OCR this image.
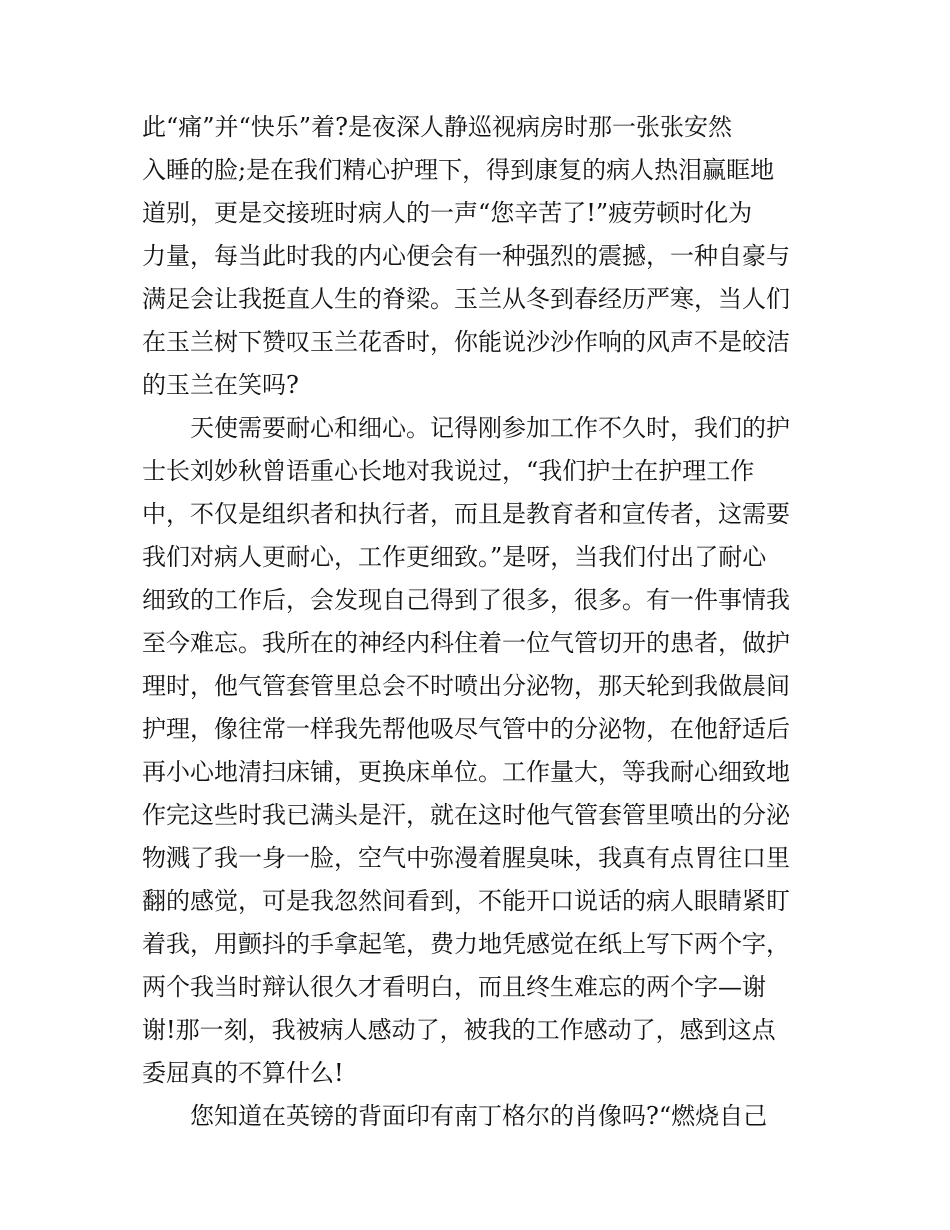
此“痛”并“快乐”着?是夜深人静巡视病房时那一张张安然
入睡的脸;是在我们精心护理下，得到康复的病人热泪赢眶地
道别，更是交接班时病人的一声“您辛苦了!”疲劳顿时化为
力量，每当此时我的内心便会有一种强烈的震撼，一种自豪与
满足会让我挺直人生的脊梁。玉兰从冬到春经历严寒，当人们
在玉兰树下赞叹玉兰花香时，你能说沙沙作响的风声不是皎洁
的玉兰在笑吗?
天使需要耐心和细心。记得刚参加工作不久时，我们的护
士长刘妙秋曾语重心长地对我说过，“我们护士在护理工作
中，不仅是组织者和执行者，而且是教育者和宣传者，这需要
我们对病人更耐心，工作更细致。”是呀，当我们付出了耐心
细致的工作后，会发现自己得到了很多，很多。有一件事情我
至今难忘。我所在的神经内科住着一位气管切开的患者，做护
理时，他气管套管里总会不时喷出分泌物，那天轮到我做晨间
护理，像往常一样我先帮他吸尽气管中的分泌物，在他舒适后
再小心地清扫床铺，更换床单位。工作量大，等我耐心细致地
作完这些时我已满头是汗，就在这时他气管套管里喷出的分泌
物溅了我一身一脸，空气中弥漫着腥臭味，我真有点胃往口里
翻的感觉，可是我忽然间看到，不能开口说话的病人眼睛紧盯
着我，用颤抖的手拿起笔，费力地凭感觉在纸上写下两个字，
两个我当时辩认很久才看明白，而且终生难忘的两个字—谢
谢!那一刻，我被病人感动了，被我的工作感动了，感到这点
委屈真的不算什么!
您知道在英镑的背面印有南丁格尔的肖像吗?“燃烧自己
